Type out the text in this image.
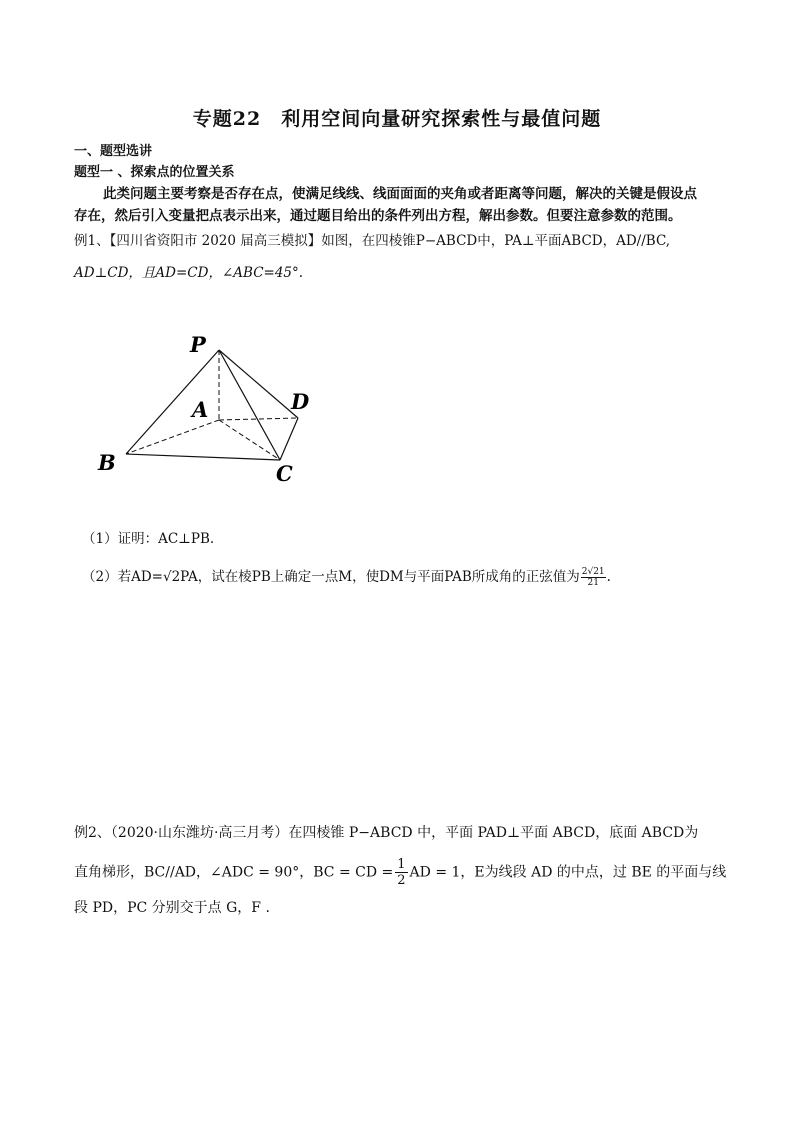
专题22　利用空间向量研究探索性与最值问题
一、题型选讲
题型一 、探索点的位置关系
此类问题主要考察是否存在点，使满足线线、线面面面的夹角或者距离等问题，解决的关键是假设点
存在，然后引入变量把点表示出来，通过题目给出的条件列出方程，解出参数。但要注意参数的范围。
例1、【四川省资阳市 2020 届高三模拟】如图，在四棱锥P−ABCD中，PA⊥平面ABCD，AD//BC,
AD⊥CD，且AD=CD，∠ABC=45°.
P
A
B	C
D
（1）证明：AC⊥PB.
（2）若AD=√2PA，试在棱PB上确定一点M，使DM与平面PAB所成角的正弦值为 $\frac{2√21}{21}$ .
例2、（2020·山东潍坊·高三月考）在四棱锥 P−ABCD 中，平面 PAD⊥平面 ABCD，底面 ABCD为
直角梯形，BC//AD，∠ADC = 90°，BC = CD = $\frac{1}{2}$ AD = 1，E为线段 AD 的中点，过 BE 的平面与线
段 PD，PC 分别交于点 G，F .
